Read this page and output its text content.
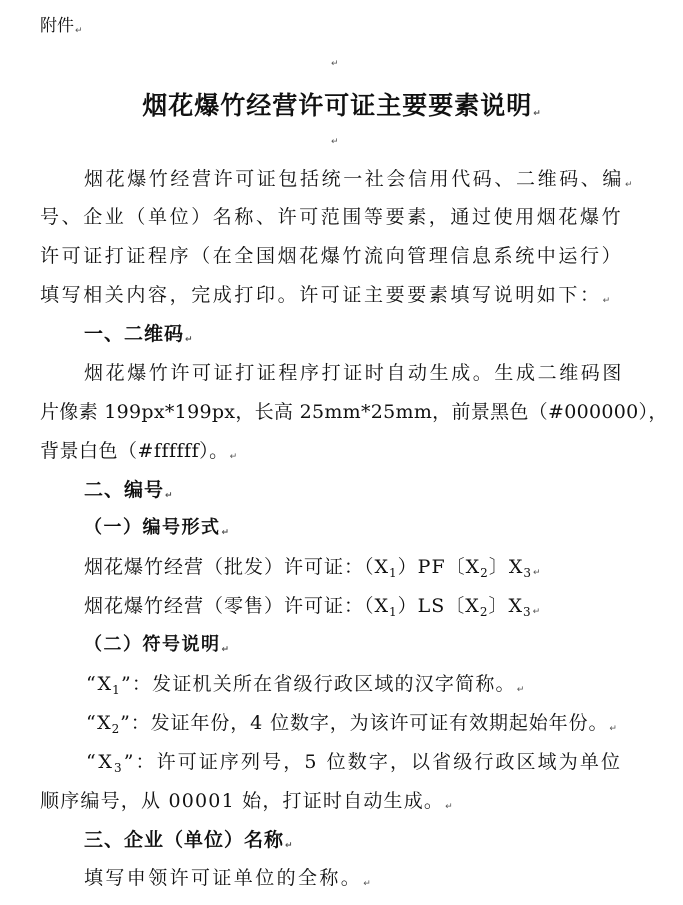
附件↵
↵
烟花爆竹经营许可证主要要素说明↵
↵
烟花爆竹经营许可证包括统一社会信用代码、二维码、编↵
号、企业（单位）名称、许可范围等要素，通过使用烟花爆竹
许可证打证程序（在全国烟花爆竹流向管理信息系统中运行）
填写相关内容，完成打印。许可证主要要素填写说明如下：↵
一、二维码↵
烟花爆竹许可证打证程序打证时自动生成。生成二维码图
片像素 199px*199px，长高 25mm*25mm，前景黑色（#000000），
背景白色（#ffffff）。↵
二、编号↵
（一）编号形式↵
烟花爆竹经营（批发）许可证：$(X_1)PF$〔$X_2$〕$X_3↵$
烟花爆竹经营（零售）许可证：$(X_1)LS$〔$X_2$〕$X_3↵$
（二）符号说明↵
“$X_1$”：发证机关所在省级行政区域的汉字简称。↵
“$X_2$”：发证年份，4 位数字，为该许可证有效期起始年份。↵
“$X_3$”：许可证序列号，5 位数字，以省级行政区域为单位
顺序编号，从 00001 始，打证时自动生成。↵
三、企业（单位）名称↵
填写申领许可证单位的全称。↵
